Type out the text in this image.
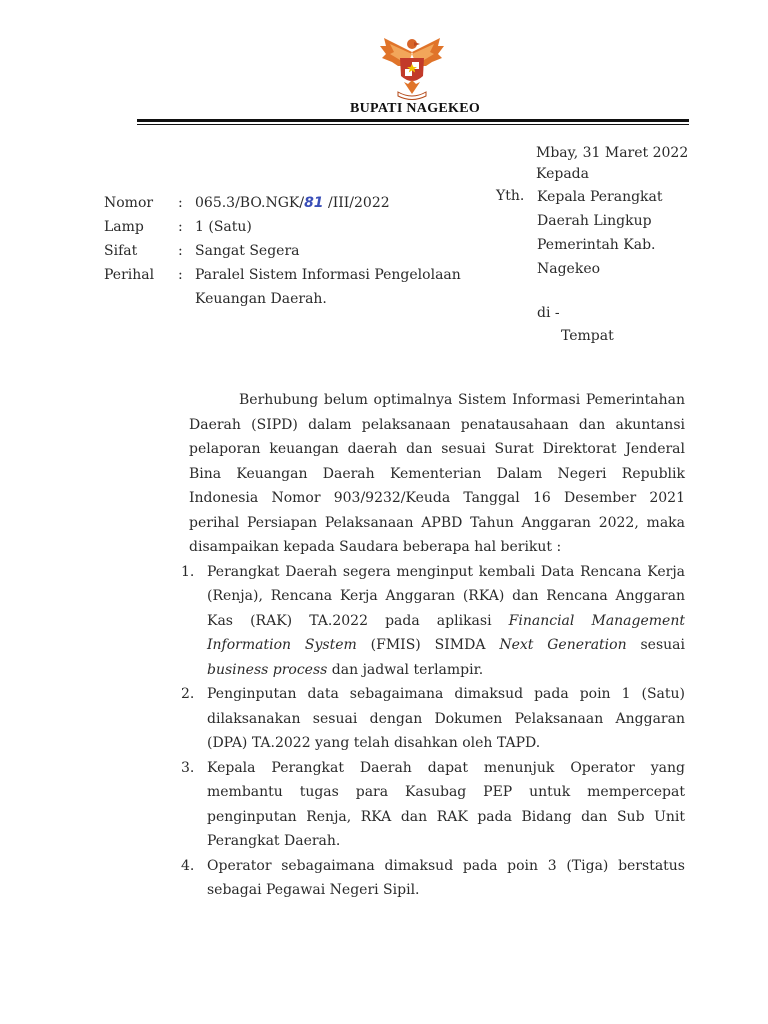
BUPATI NAGEKEO
Mbay, 31 Maret 2022
Kepada
Yth. Kepala Perangkat
Daerah Lingkup
Pemerintah Kab.
Nagekeo
di -
Tempat
Nomor : 065.3/BO.NGK/81 /III/2022
Lamp : 1 (Satu)
Sifat	: Sangat Segera
Perihal : Paralel Sistem Informasi Pengelolaan
Keuangan Daerah.

Berhubung belum optimalnya Sistem Informasi Pemerintahan Daerah (SIPD) dalam pelaksanaan penatausahaan dan akuntansi pelaporan keuangan daerah dan sesuai Surat Direktorat Jenderal Bina Keuangan Daerah Kementerian Dalam Negeri Republik Indonesia Nomor 903/9232/Keuda Tanggal 16 Desember 2021 perihal Persiapan Pelaksanaan APBD Tahun Anggaran 2022, maka disampaikan kepada Saudara beberapa hal berikut :

1. Perangkat Daerah segera menginput kembali Data Rencana Kerja (Renja), Rencana Kerja Anggaran (RKA) dan Rencana Anggaran Kas (RAK) TA.2022 pada aplikasi Financial Management Information System (FMIS) SIMDA Next Generation sesuai business process dan jadwal terlampir.
2. Penginputan data sebagaimana dimaksud pada poin 1 (Satu) dilaksanakan sesuai dengan Dokumen Pelaksanaan Anggaran (DPA) TA.2022 yang telah disahkan oleh TAPD.
3. Kepala Perangkat Daerah dapat menunjuk Operator yang membantu tugas para Kasubag PEP untuk mempercepat penginputan Renja, RKA dan RAK pada Bidang dan Sub Unit Perangkat Daerah.
4. Operator sebagaimana dimaksud pada poin 3 (Tiga) berstatus sebagai Pegawai Negeri Sipil.
